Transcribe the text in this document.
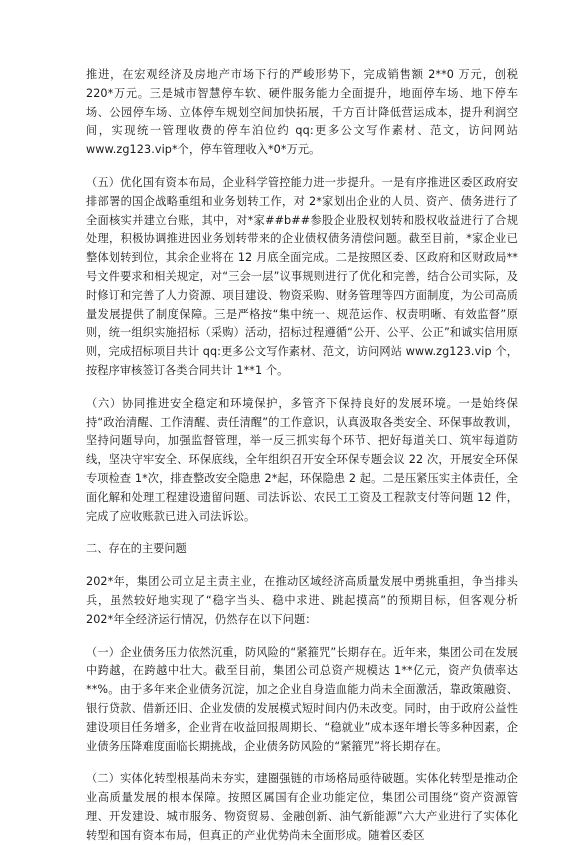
推进，在宏观经济及房地产市场下行的严峻形势下，完成销售额 2**0 万元，创税 220*万元。三是城市智慧停车软、硬件服务能力全面提升，地面停车场、地下停车场、公园停车场、立体停车规划空间加快拓展，千方百计降低营运成本，提升利润空间，实现统一管理收费的停车泊位约 qq:更多公文写作素材、范文，访问网站 www.zg123.vip*个，停车管理收入*0*万元。

（五）优化国有资本布局，企业科学管控能力进一步提升。一是有序推进区委区政府安排部署的国企战略重组和业务划转工作，对 2*家划出企业的人员、资产、债务进行了全面核实并建立台账，其中，对*家##b##参股企业股权划转和股权收益进行了合规处理，积极协调推进因业务划转带来的企业债权债务清偿问题。截至目前，*家企业已整体划转到位，其余企业将在 12 月底全面完成。二是按照区委、区政府和区财政局**号文件要求和相关规定，对“三会一层”议事规则进行了优化和完善，结合公司实际，及时修订和完善了人力资源、项目建设、物资采购、财务管理等四方面制度，为公司高质量发展提供了制度保障。三是严格按“集中统一、规范运作、权责明晰、有效监督”原则，统一组织实施招标（采购）活动，招标过程遵循“公开、公平、公正”和诚实信用原则，完成招标项目共计 qq:更多公文写作素材、范文，访问网站 www.zg123.vip 个，按程序审核签订各类合同共计 1**1 个。

（六）协同推进安全稳定和环境保护，多管齐下保持良好的发展环境。一是始终保持“政治清醒、工作清醒、责任清醒”的工作意识，认真汲取各类安全、环保事故教训，坚持问题导向，加强监督管理，举一反三抓实每个环节、把好每道关口、筑牢每道防线，坚决守牢安全、环保底线，全年组织召开安全环保专题会议 22 次，开展安全环保专项检查 1*次，排查整改安全隐患 2*起，环保隐患 2 起。二是压紧压实主体责任，全面化解和处理工程建设遗留问题、司法诉讼、农民工工资及工程款支付等问题 12 件，完成了应收账款已进入司法诉讼。

二、存在的主要问题

202*年，集团公司立足主责主业，在推动区域经济高质量发展中勇挑重担，争当排头兵，虽然较好地实现了“稳字当头、稳中求进、跳起摸高”的预期目标，但客观分析 202*年全经济运行情况，仍然存在以下问题：

（一）企业债务压力依然沉重，防风险的“紧箍咒”长期存在。近年来，集团公司在发展中跨越，在跨越中壮大。截至目前，集团公司总资产规模达 1**亿元，资产负债率达**%。由于多年来企业债务沉淀，加之企业自身造血能力尚未全面激活，靠政策融资、银行贷款、借新还旧、企业发债的发展模式短时间内仍未改变。同时，由于政府公益性建设项目任务增多，企业背在收益回报周期长、“稳就业”成本逐年增长等多种因素，企业债务压降难度面临长期挑战，企业债务防风险的“紧箍咒”将长期存在。

（二）实体化转型根基尚未夯实，建圈强链的市场格局亟待破题。实体化转型是推动企业高质量发展的根本保障。按照区属国有企业功能定位，集团公司围绕“资产资源管理、开发建设、城市服务、物资贸易、金融创新、油气新能源”六大产业进行了实体化转型和国有资本布局，但真正的产业优势尚未全面形成。随着区委区
